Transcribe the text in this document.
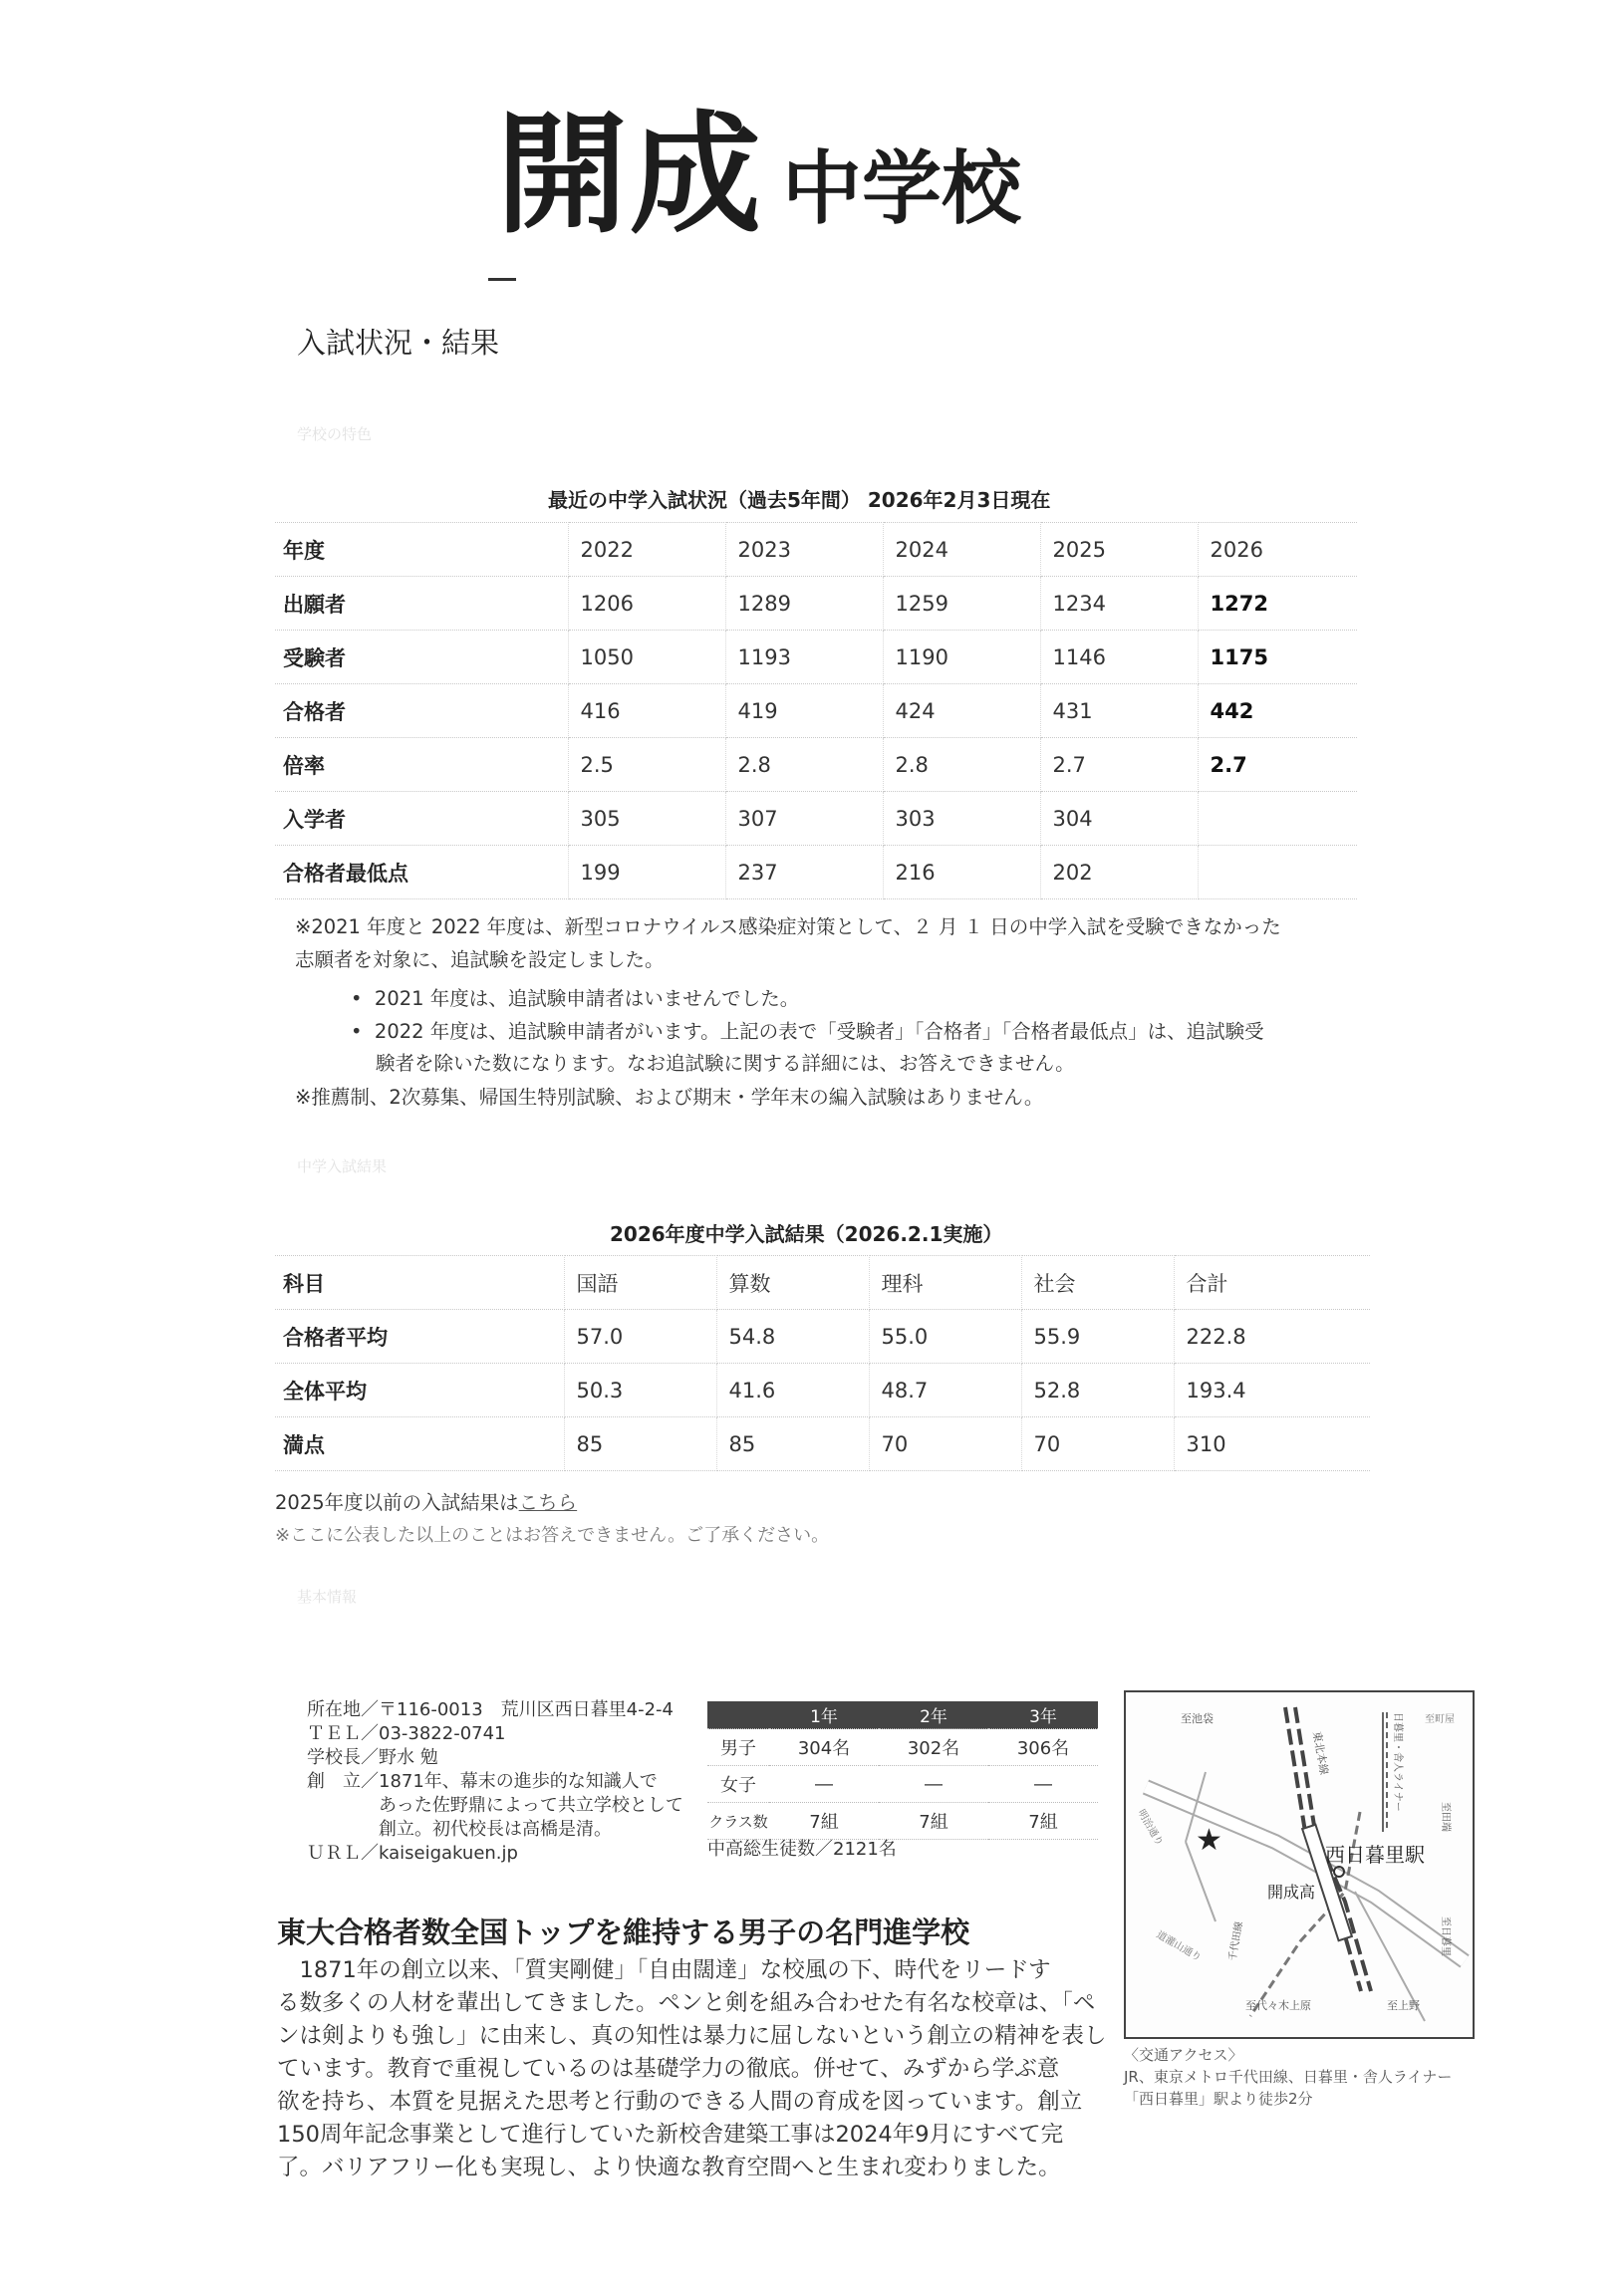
開成 中学校
入試状況・結果
学校の特色
中学入試結果
基本情報
最近の中学入試状況（過去5年間） 2026年2月3日現在
年度	2022	2023	2024	2025	2026
出願者	1206	1289	1259	1234	1272
受験者	1050	1193	1190	1146	1175
合格者	416	419	424	431	442
倍率	2.5	2.8	2.8	2.7	2.7
入学者	305	307	303	304	
合格者最低点	199	237	216	202	
※2021 年度と 2022 年度は、新型コロナウイルス感染症対策として、２ 月 １ 日の中学入試を受験できなかった
志願者を対象に、追試験を設定しました。
•  2021 年度は、追試験申請者はいませんでした。
•  2022 年度は、追試験申請者がいます。上記の表で「受験者」「合格者」「合格者最低点」は、追試験受
験者を除いた数になります。なお追試験に関する詳細には、お答えできません。
※推薦制、2次募集、帰国生特別試験、および期末・学年末の編入試験はありません。
2026年度中学入試結果（2026.2.1実施）
科目	国語	算数	理科	社会	合計
合格者平均	57.0	54.8	55.0	55.9	222.8
全体平均	50.3	41.6	48.7	52.8	193.4
満点	85	85	70	70	310
2025年度以前の入試結果はこちら
※ここに公表した以上のことはお答えできません。ご了承ください。
所在地／〒116-0013　荒川区西日暮里4-2-4
ＴＥＬ／03-3822-0741
学校長／野水 勉
創　立／1871年、幕末の進歩的な知識人で
あった佐野鼎によって共立学校として
創立。初代校長は高橋是清。
ＵＲＬ／kaiseigakuen.jp
	1年	2年	3年
男子	304名	302名	306名
女子	―	―	―
クラス数	7組	7組	7組
中高総生徒数／2121名
東大合格者数全国トップを維持する男子の名門進学校
　1871年の創立以来、「質実剛健」「自由闊達」な校風の下、時代をリードす
る数多くの人材を輩出してきました。ペンと剣を組み合わせた有名な校章は、「ペ
ンは剣よりも強し」に由来し、真の知性は暴力に屈しないという創立の精神を表し
ています。教育で重視しているのは基礎学力の徹底。併せて、みずから学ぶ意
欲を持ち、本質を見据えた思考と行動のできる人間の育成を図っています。創立
150周年記念事業として進行していた新校舎建築工事は2024年9月にすべて完
了。バリアフリー化も実現し、より快適な教育空間へと生まれ変わりました。
★
開成高
西日暮里駅
至池袋
東北本線	日暮里・舎人ライナー
至田端
至日暮里
千代田線
至代々木上原	至上野
道灌山通り
至町屋
明治通り
〈交通アクセス〉
JR、東京メトロ千代田線、日暮里・舎人ライナー
「西日暮里」駅より徒歩2分
